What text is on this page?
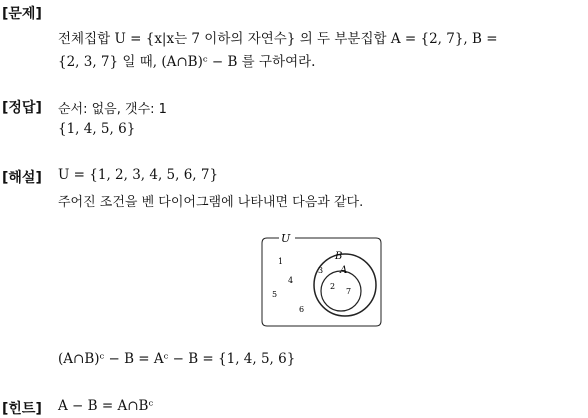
[문제]
전체집합 U = {x|x는 7 이하의 자연수} 의 두 부분집합 A = {2, 7}, B =
{2, 3, 7} 일 때, (A∩B)ᶜ − B 를 구하여라.
[정답] 순서: 없음, 갯수: 1
{1, 4, 5, 6}
[해설] U = {1, 2, 3, 4, 5, 6, 7}
주어진 조건을 벤 다이어그램에 나타내면 다음과 같다.
U
B
A
1
4
5
6
3
2
7
(A∩B)ᶜ − B = Aᶜ − B = {1, 4, 5, 6}
[힌트] A − B = A∩Bᶜ
